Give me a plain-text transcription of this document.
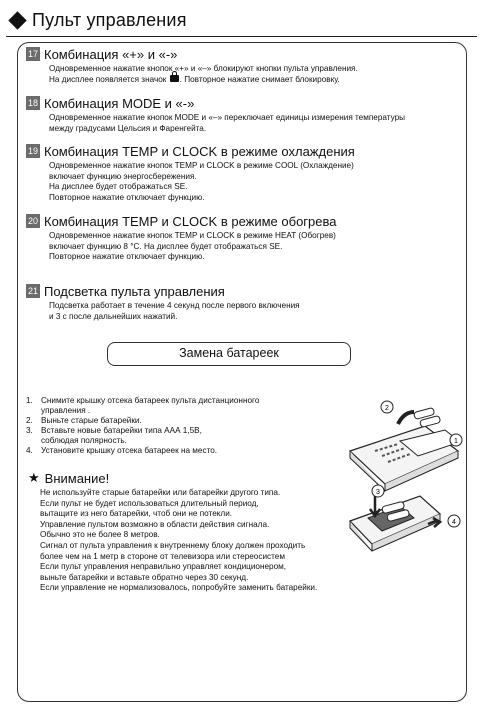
Пульт управления
17 Комбинация «+» и «-»
Одновременное нажатие кнопок «+» и «–» блокируют кнопки пульта управления.
На дисплее появляется значок . Повторное нажатие снимает блокировку.
18 Комбинация MODE и «-»
Одновременное нажатие кнопок MODE и «–» переключает единицы измерения температуры
между градусами Цельсия и Фаренгейта.
19 Комбинация TEMP и CLOCK в режиме охлаждения
Одновременное нажатие кнопок TEMP и CLOCK в режиме COOL (Охлаждение)
включает функцию энергосбережения.
На дисплее будет отображаться SE.
Повторное нажатие отключает функцию.
20 Комбинация TEMP и CLOCK в режиме обогрева
Одновременное нажатие кнопок TEMP и CLOCK в режиме HEAT (Обогрев)
включает функцию 8 °C. На дисплее будет отображаться SE.
Повторное нажатие отключает функцию.
21 Подсветка пульта управления
Подсветка работает в течение 4 секунд после первого включения
и 3 с после дальнейших нажатий.
Замена батареек
1. Снимите крышку отсека батареек пульта дистанционного
управления .
2. Выньте старые батарейки.
3. Вставьте новые батарейки типа ААА 1,5В,
соблюдая полярность.
4. Установите крышку отсека батареек на место.
2
1
3
4
★ Внимание!
Не используйте старые батарейки или батарейки другого типа.
Если пульт не будет использоваться длительный период,
вытащите из него батарейки, чтоб они не потекли.
Управление пультом возможно в области действия сигнала.
Обычно это не более 8 метров.
Сигнал от пульта управления к внутреннему блоку должен проходить
более чем на 1 метр в стороне от телевизора или стереосистем
Если пульт управления неправильно управляет кондиционером,
выньте батарейки и вставьте обратно через 30 секунд.
Если управление не нормализовалось, попробуйте заменить батарейки.
